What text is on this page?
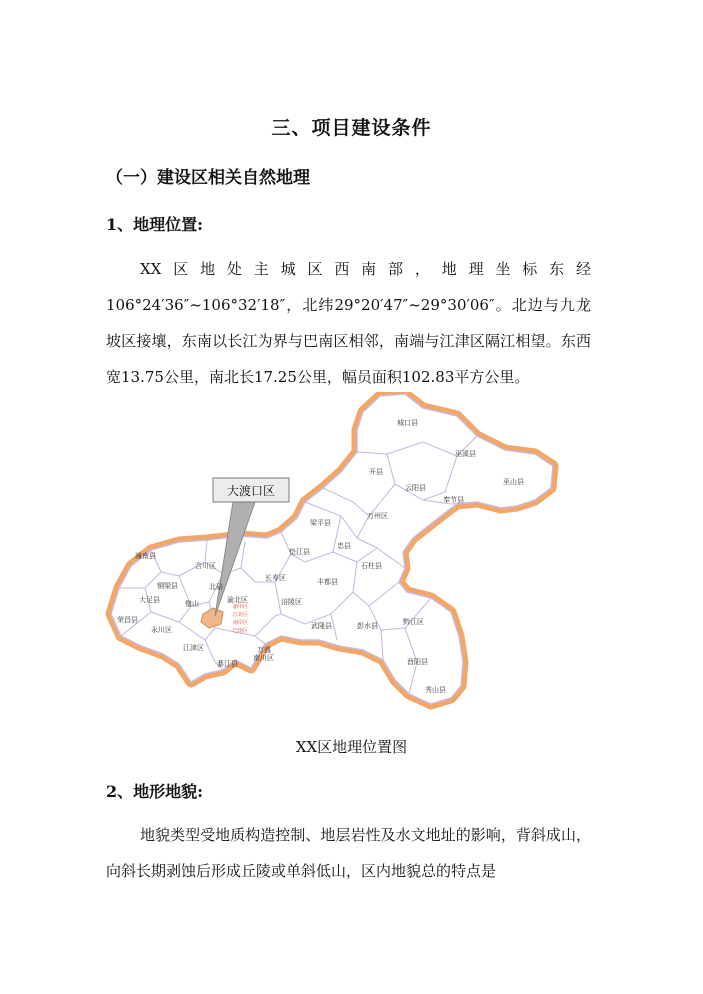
三、项目建设条件
（一）建设区相关自然地理
1、地理位置:
XX区地处主城区西南部，地理坐标东经106°24′36″~106°32′18″，北纬29°20′47″~29°30′06″。北边与九龙坡区接壤，东南以长江为界与巴南区相邻，南端与江津区隔江相望。东西宽13.75公里，南北长17.25公里，幅员面积102.83平方公里。
大渡口区
城口县
巫溪县
巫山县
开县
云阳县
奉节县
万州区
梁平县
忠县
垫江县
石柱县
潼南县
合川区
铜梁县	北碚
大足县	璧山
永川区
荣昌县
渝北区
长寿区
涪陵区
丰都县
武隆县	彭水县	黔江区
酉阳县
秀山县
江津区
綦江县
南川区
万盛
渝中区
江北区
南岸区
巴南区
XX区地理位置图
2、地形地貌:
地貌类型受地质构造控制、地层岩性及水文地址的影响，背斜成山，向斜长期剥蚀后形成丘陵或单斜低山，区内地貌总的特点是
